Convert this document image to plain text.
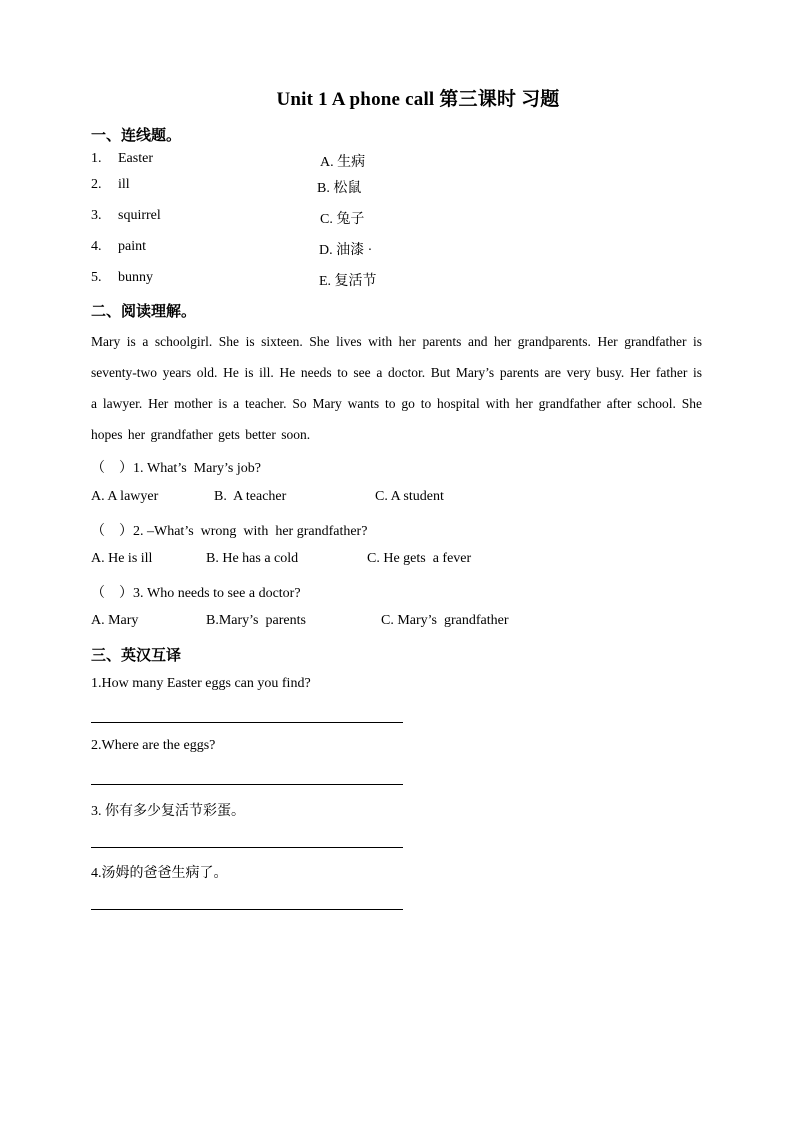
Unit 1 A phone call 第三课时 习题
一、连线题。
1. Easter	A. 生病
2. ill	B. 松鼠
3. squirrel	C. 兔子
4. paint	D. 油漆 ·
5. bunny	E. 复活节
二、阅读理解。
Mary is a schoolgirl. She is sixteen. She lives with her parents and her grandparents. Her grandfather is seventy-two years old. He is ill. He needs to see a doctor. But Mary’s parents are very busy. Her father is a lawyer. Her mother is a teacher. So Mary wants to go to hospital with her grandfather after school. She hopes her grandfather gets better soon.
（    ）1. What’s  Mary’s job?
A. A lawyer	B.  A teacher	C. A student
（    ）2. –What’s  wrong  with  her grandfather?
A. He is ill	B. He has a cold	C. He gets  a fever
（    ）3. Who needs to see a doctor?
A. Mary	B.Mary’s  parents	C. Mary’s  grandfather
三、英汉互译
1.How many Easter eggs can you find?
2.Where are the eggs?
3. 你有多少复活节彩蛋。
4.汤姆的爸爸生病了。
